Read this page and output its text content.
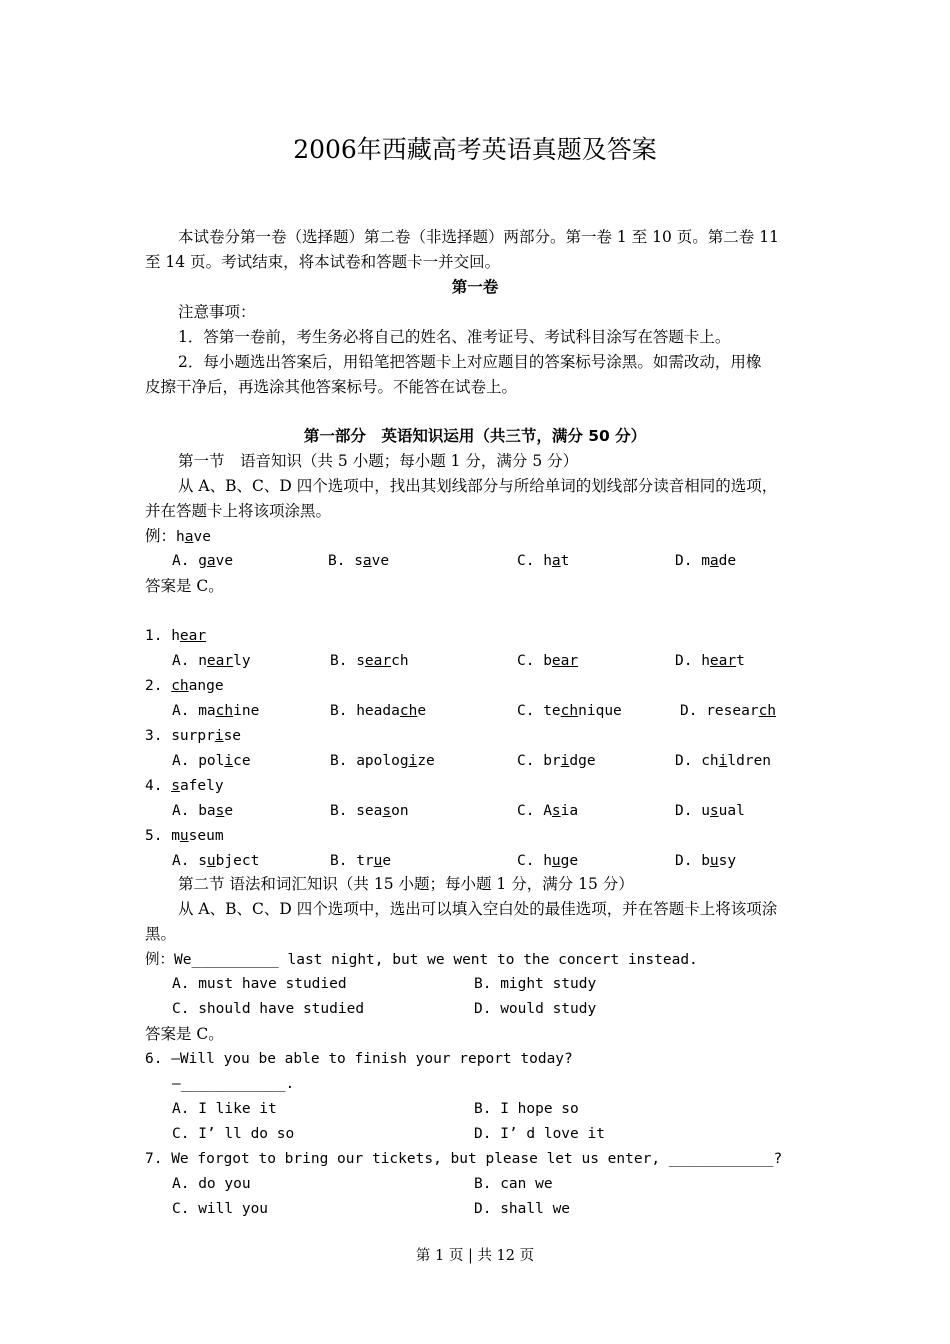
2006年西藏高考英语真题及答案
本试卷分第一卷（选择题）第二卷（非选择题）两部分。第一卷 1 至 10 页。第二卷 11
至 14 页。考试结束，将本试卷和答题卡一并交回。
第一卷
注意事项：
1．答第一卷前，考生务必将自己的姓名、准考证号、考试科目涂写在答题卡上。
2．每小题选出答案后，用铅笔把答题卡上对应题目的答案标号涂黑。如需改动，用橡
皮擦干净后，再选涂其他答案标号。不能答在试卷上。
第一部分　英语知识运用（共三节，满分 50 分）
第一节　语音知识（共 5 小题；每小题 1 分，满分 5 分）
从 A、B、C、D 四个选项中，找出其划线部分与所给单词的划线部分读音相同的选项，
并在答题卡上将该项涂黑。
例：have
A. gave	B. save	C. hat	D. made
答案是 C。
1. hear
A. nearly	B. search	C. bear	D. heart
2. change
A. machine	B. headаche	C. technique	D. research
3. surprise
A. police	B. apologize	C. bridge	D. children
4. safely
A. base	B. season	C. Asia	D. usual
5. museum
A. subject	B. true	C. huge	D. busy
第二节 语法和词汇知识（共 15 小题；每小题 1 分，满分 15 分）
从 A、B、C、D 四个选项中，选出可以填入空白处的最佳选项，并在答题卡上将该项涂
黑。
例：We__________ last night, but we went to the concert instead.
A. must have studied	B. might study
C. should have studied	D. would study
答案是 C。
6. —Will you be able to finish your report today?
—____________.
A. I like it	B. I hope so
C. I’ ll do so	D. I’ d love it
7. We forgot to bring our tickets, but please let us enter, ____________?
A. do you	B. can we
C. will you	D. shall we
第 1 页 | 共 12 页
